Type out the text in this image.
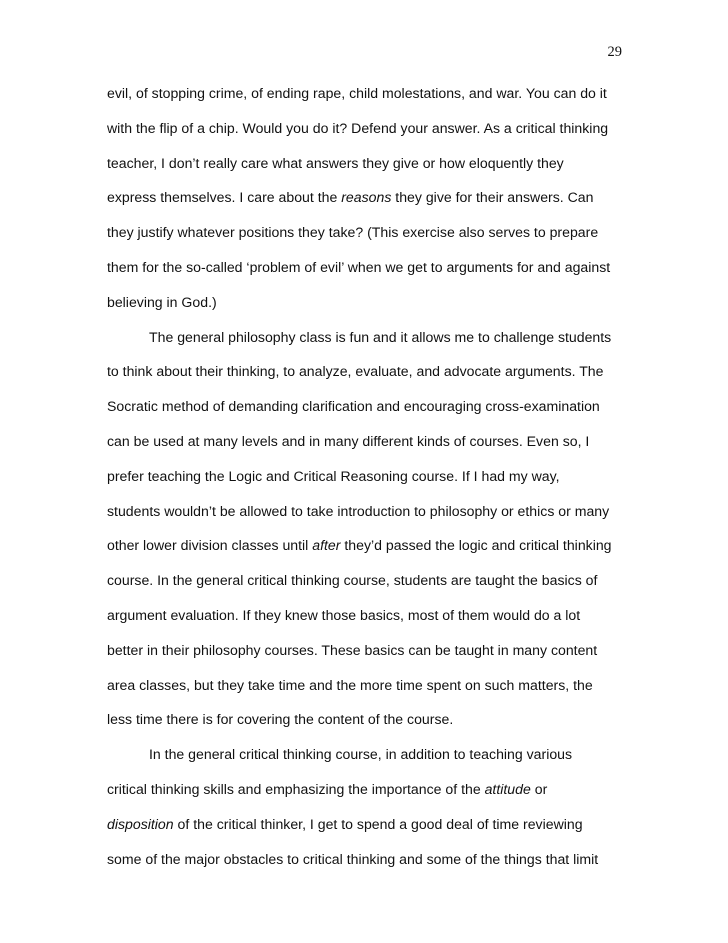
29
evil, of stopping crime, of ending rape, child molestations, and war. You can do it
with the flip of a chip. Would you do it? Defend your answer. As a critical thinking
teacher, I don’t really care what answers they give or how eloquently they
express themselves. I care about the reasons they give for their answers. Can
they justify whatever positions they take? (This exercise also serves to prepare
them for the so-called ‘problem of evil’ when we get to arguments for and against
believing in God.)
The general philosophy class is fun and it allows me to challenge students
to think about their thinking, to analyze, evaluate, and advocate arguments. The
Socratic method of demanding clarification and encouraging cross-examination
can be used at many levels and in many different kinds of courses. Even so, I
prefer teaching the Logic and Critical Reasoning course. If I had my way,
students wouldn’t be allowed to take introduction to philosophy or ethics or many
other lower division classes until after they’d passed the logic and critical thinking
course. In the general critical thinking course, students are taught the basics of
argument evaluation. If they knew those basics, most of them would do a lot
better in their philosophy courses. These basics can be taught in many content
area classes, but they take time and the more time spent on such matters, the
less time there is for covering the content of the course.
In the general critical thinking course, in addition to teaching various
critical thinking skills and emphasizing the importance of the attitude or
disposition of the critical thinker, I get to spend a good deal of time reviewing
some of the major obstacles to critical thinking and some of the things that limit
